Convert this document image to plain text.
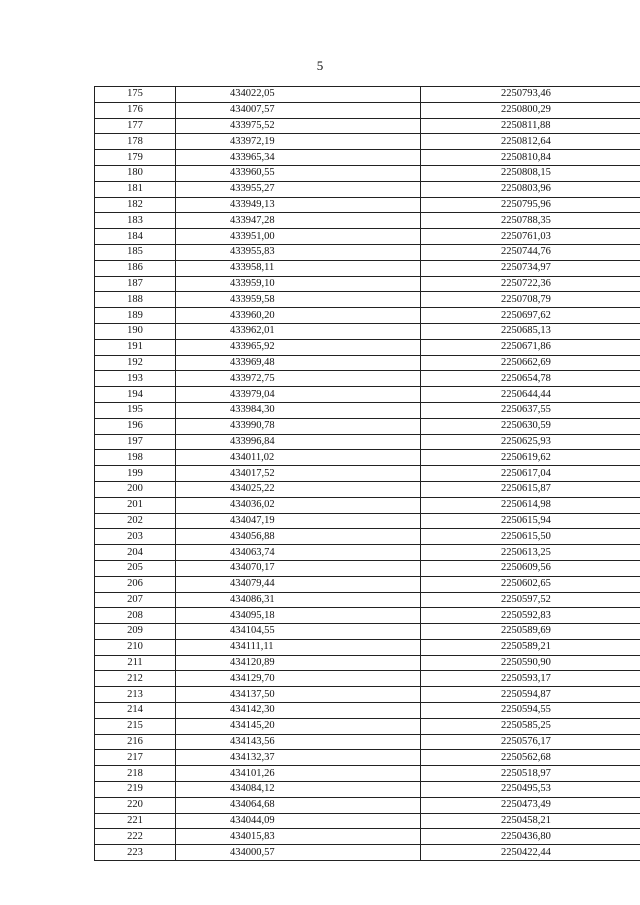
5
175	434022,05	2250793,46
176	434007,57	2250800,29
177	433975,52	2250811,88
178	433972,19	2250812,64
179	433965,34	2250810,84
180	433960,55	2250808,15
181	433955,27	2250803,96
182	433949,13	2250795,96
183	433947,28	2250788,35
184	433951,00	2250761,03
185	433955,83	2250744,76
186	433958,11	2250734,97
187	433959,10	2250722,36
188	433959,58	2250708,79
189	433960,20	2250697,62
190	433962,01	2250685,13
191	433965,92	2250671,86
192	433969,48	2250662,69
193	433972,75	2250654,78
194	433979,04	2250644,44
195	433984,30	2250637,55
196	433990,78	2250630,59
197	433996,84	2250625,93
198	434011,02	2250619,62
199	434017,52	2250617,04
200	434025,22	2250615,87
201	434036,02	2250614,98
202	434047,19	2250615,94
203	434056,88	2250615,50
204	434063,74	2250613,25
205	434070,17	2250609,56
206	434079,44	2250602,65
207	434086,31	2250597,52
208	434095,18	2250592,83
209	434104,55	2250589,69
210	434111,11	2250589,21
211	434120,89	2250590,90
212	434129,70	2250593,17
213	434137,50	2250594,87
214	434142,30	2250594,55
215	434145,20	2250585,25
216	434143,56	2250576,17
217	434132,37	2250562,68
218	434101,26	2250518,97
219	434084,12	2250495,53
220	434064,68	2250473,49
221	434044,09	2250458,21
222	434015,83	2250436,80
223	434000,57	2250422,44
